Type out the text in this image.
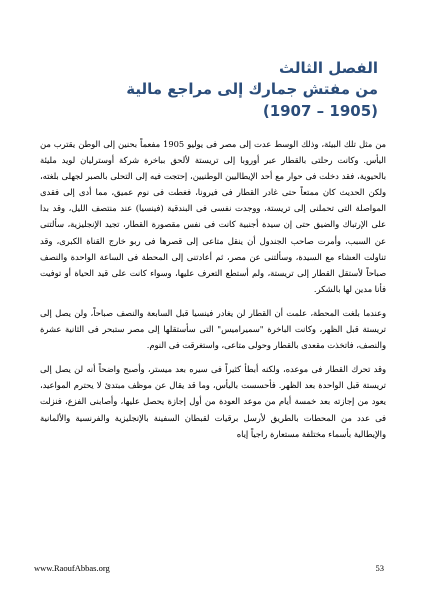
الفصل الثالث
من مفتش جمارك إلى مراجع مالية
(1905 – 1907)

من مثل تلك البيئة، وذلك الوسط عدت إلى مصر فى يوليو 1905 مفعماً بحنين إلى الوطن يقترب من اليأس. وكانت رحلتى بالقطار عبر أوروبا إلى تريستة لألحق بباخرة شركة أوسترليان لويد مليئة بالحيوية، فقد دخلت فى حوار مع أحد الإيطاليين الوطنيين، إحتجت فيه إلى التحلى بالصبر لجهلى بلغته، ولكن الحديث كان ممتعاً حتى غادر القطار فى فيرونا، فغطت فى نوم عميق، مما أدى إلى فقدى المواصلة التى تحملنى إلى تريستة، ووجدت نفسى فى البندقية (فينسيا) عند منتصف الليل، وقد بدا على الإرتباك والضيق حتى إن سيدة أجنبية كانت فى نفس مقصورة القطار، تجيد الإنجليزية، سألتنى عن السبب، وأمرت صاحب الجندول أن ينقل متاعى إلى قصرها فى ربو خارج القناة الكبرى، وقد تناولت العشاء مع السيدة، وسألتنى عن مصر، ثم أعادتنى إلى المحطة فى الساعة الواحدة والنصف صباحاً لأستقل القطار إلى تريستة، ولم أستطع التعرف عليها، وسواء كانت على قيد الحياة أو توفيت فأنا مدين لها بالشكر.

وعندما بلغت المحطة، علمت أن القطار لن يغادر فينسيا قبل السابعة والنصف صباحاً، ولن يصل إلى تريستة قبل الظهر، وكانت الباخرة "سميراميس" التى سأستقلها إلى مصر ستبحر فى الثانية عشرة والنصف، فاتخذت مقعدى بالقطار وحولى متاعى، واستغرقت فى النوم.

وقد تحرك القطار فى موعده، ولكنه أبطأ كثيراً فى سيره بعد ميستر، وأصبح واضحاً أنه لن يصل إلى تريستة قبل الواحدة بعد الظهر. فأحسست باليأس، وما قد يقال عن موظف مبتدئ لا يحترم المواعيد، يعود من إجازته بعد خمسة أيام من موعد العودة من أول إجازة يحصل عليها، وأصابنى الفزع، فنزلت فى عدد من المحطات بالطريق لأرسل برقيات لقبطان السفينة بالإنجليزية والفرنسية والألمانية والإيطالية بأسماء مختلفة مستعارة راجياً إياه

www.RaoufAbbas.org	53
